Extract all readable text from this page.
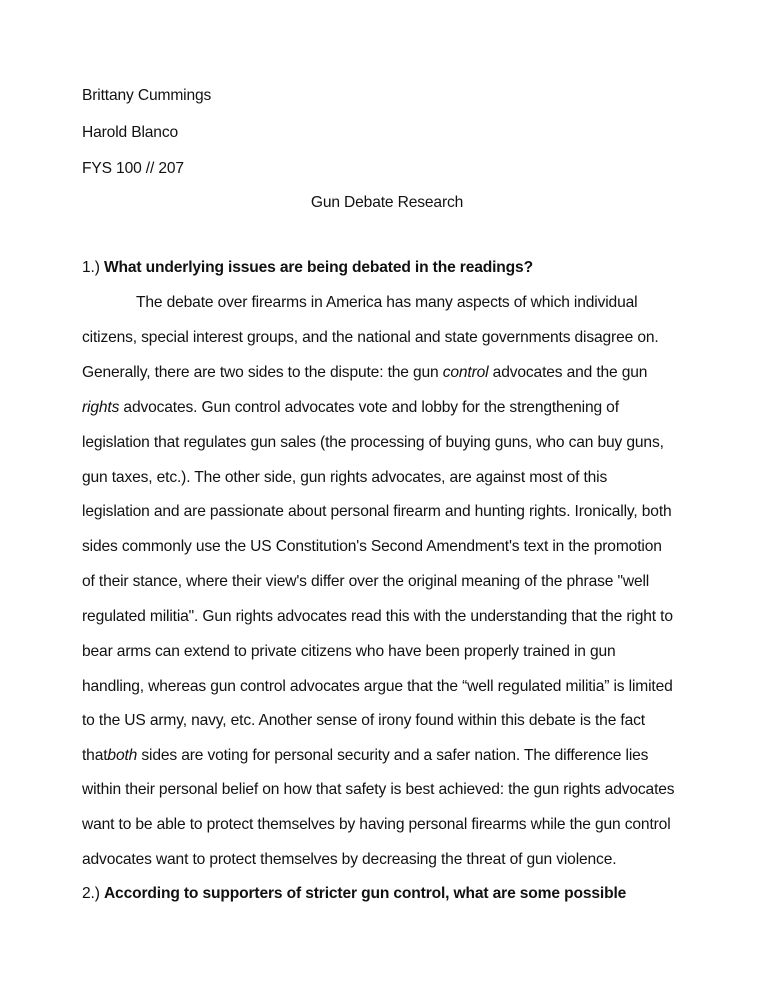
Brittany Cummings
Harold Blanco
FYS 100 // 207
Gun Debate Research
1.) What underlying issues are being debated in the readings?
The debate over firearms in America has many aspects of which individual
citizens, special interest groups, and the national and state governments disagree on.
Generally, there are two sides to the dispute: the gun control advocates and the gun
rights advocates. Gun control advocates vote and lobby for the strengthening of
legislation that regulates gun sales (the processing of buying guns, who can buy guns,
gun taxes, etc.). The other side, gun rights advocates, are against most of this
legislation and are passionate about personal firearm and hunting rights. Ironically, both
sides commonly use the US Constitution's Second Amendment's text in the promotion
of their stance, where their view's differ over the original meaning of the phrase "well
regulated militia". Gun rights advocates read this with the understanding that the right to
bear arms can extend to private citizens who have been properly trained in gun
handling, whereas gun control advocates argue that the “well regulated militia” is limited
to the US army, navy, etc. Another sense of irony found within this debate is the fact
thatboth sides are voting for personal security and a safer nation. The difference lies
within their personal belief on how that safety is best achieved: the gun rights advocates
want to be able to protect themselves by having personal firearms while the gun control
advocates want to protect themselves by decreasing the threat of gun violence.
2.) According to supporters of stricter gun control, what are some possible
